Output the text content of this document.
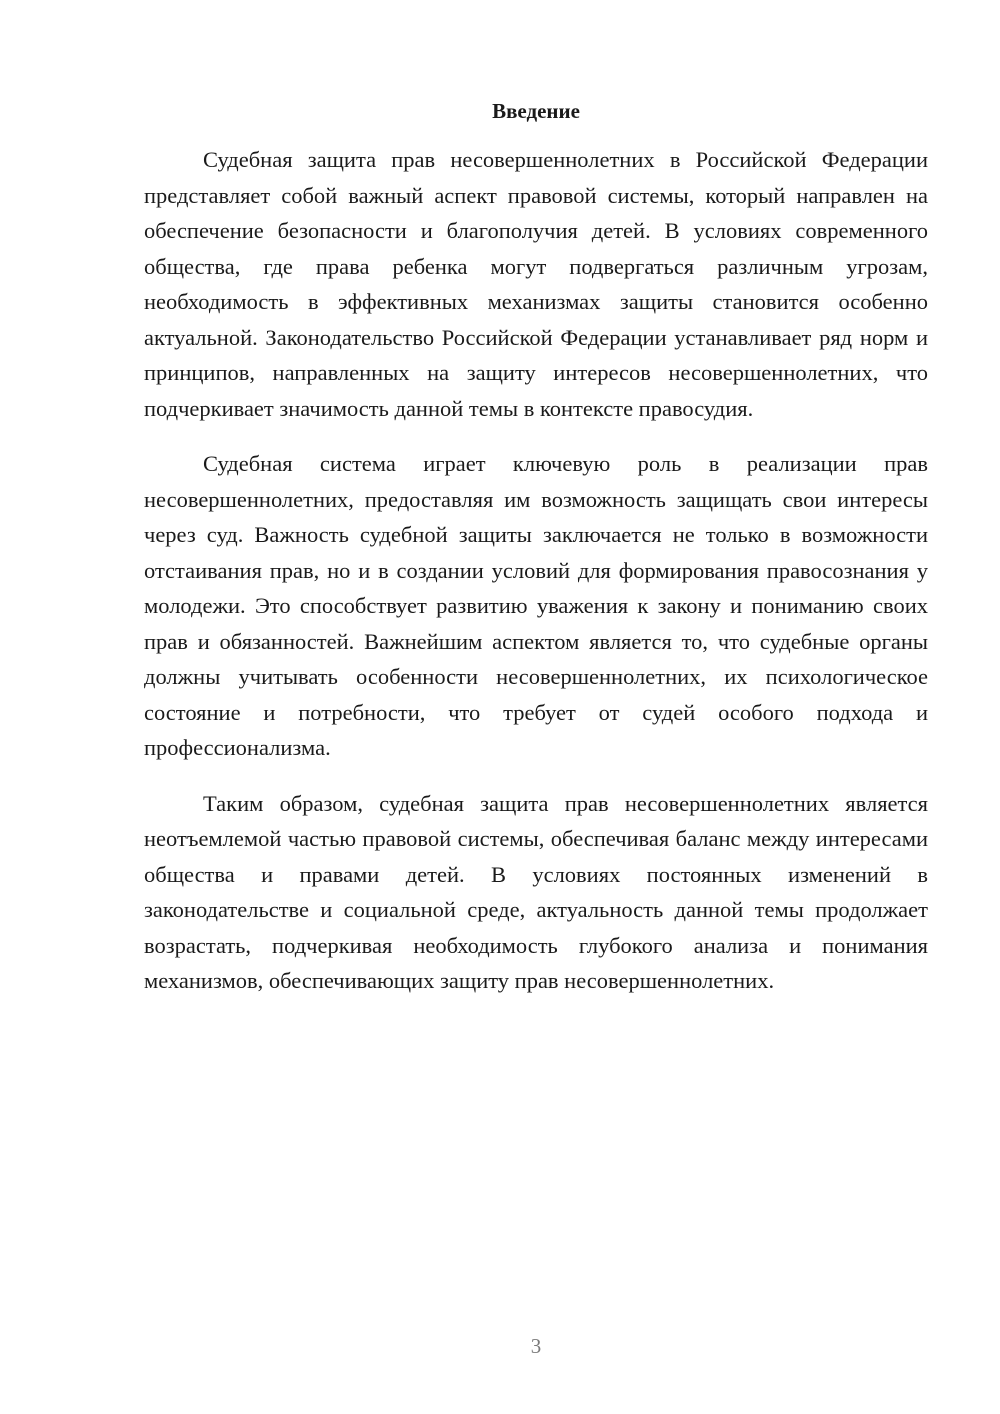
Введение

Судебная защита прав несовершеннолетних в Российской Федерации представляет собой важный аспект правовой системы, который направлен на обеспечение безопасности и благополучия детей. В условиях современного общества, где права ребенка могут подвергаться различным угрозам, необходимость в эффективных механизмах защиты становится особенно актуальной. Законодательство Российской Федерации устанавливает ряд норм и принципов, направленных на защиту интересов несовершеннолетних, что подчеркивает значимость данной темы в контексте правосудия.

Судебная система играет ключевую роль в реализации прав несовершеннолетних, предоставляя им возможность защищать свои интересы через суд. Важность судебной защиты заключается не только в возможности отстаивания прав, но и в создании условий для формирования правосознания у молодежи. Это способствует развитию уважения к закону и пониманию своих прав и обязанностей. Важнейшим аспектом является то, что судебные органы должны учитывать особенности несовершеннолетних, их психологическое состояние и потребности, что требует от судей особого подхода и профессионализма.

Таким образом, судебная защита прав несовершеннолетних является неотъемлемой частью правовой системы, обеспечивая баланс между интересами общества и правами детей. В условиях постоянных изменений в законодательстве и социальной среде, актуальность данной темы продолжает возрастать, подчеркивая необходимость глубокого анализа и понимания механизмов, обеспечивающих защиту прав несовершеннолетних.

3
